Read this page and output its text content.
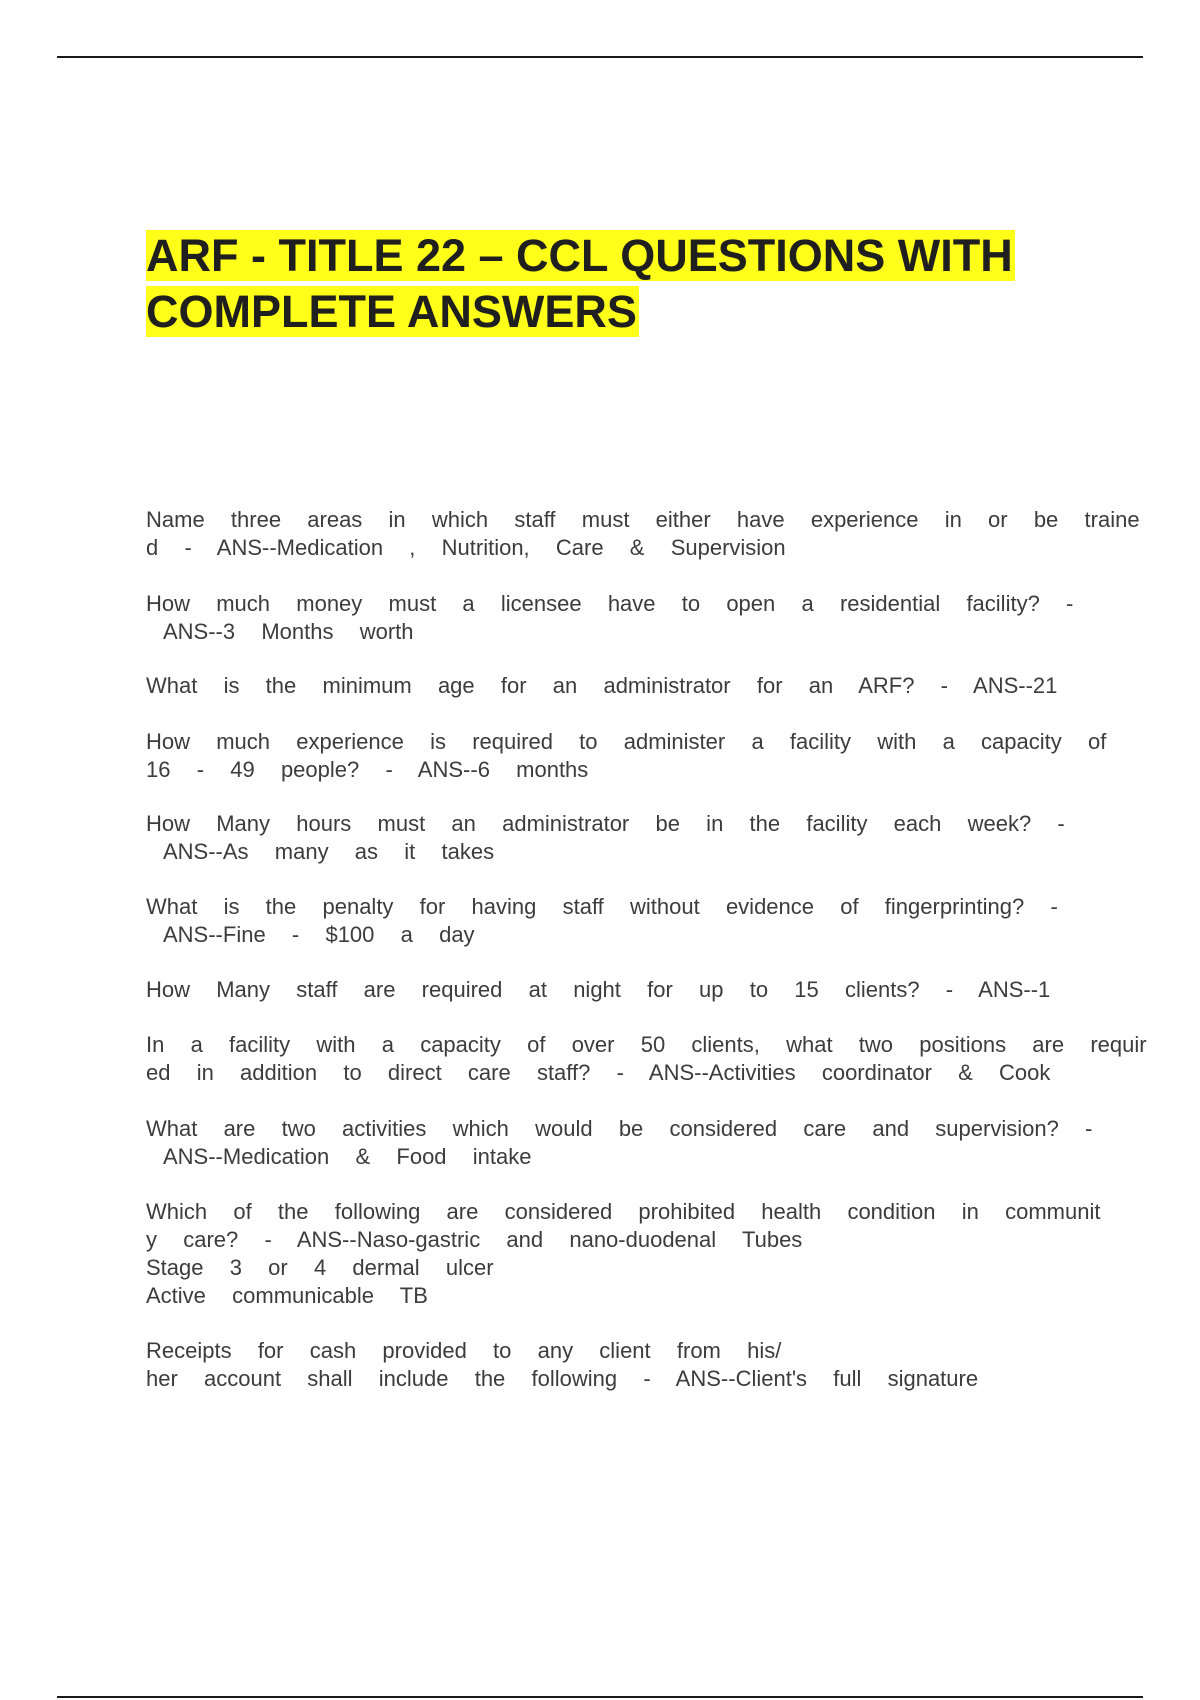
ARF - TITLE 22 – CCL QUESTIONS WITH
COMPLETE ANSWERS
Name  three  areas  in  which  staff  must  either  have  experience  in  or  be  traine
d  -  ANS--Medication  ,  Nutrition,  Care  &  Supervision
How  much  money  must  a  licensee  have  to  open  a  residential  facility?  -
ANS--3  Months  worth
What  is  the  minimum  age  for  an  administrator  for  an  ARF?  -  ANS--21
How  much  experience  is  required  to  administer  a  facility  with  a  capacity  of
16  -  49  people?  -  ANS--6  months
How  Many  hours  must  an  administrator  be  in  the  facility  each  week?  -
ANS--As  many  as  it  takes
What  is  the  penalty  for  having  staff  without  evidence  of  fingerprinting?  -
ANS--Fine  -  $100  a  day
How  Many  staff  are  required  at  night  for  up  to  15  clients?  -  ANS--1
In  a  facility  with  a  capacity  of  over  50  clients,  what  two  positions  are  requir
ed  in  addition  to  direct  care  staff?  -  ANS--Activities  coordinator  &  Cook
What  are  two  activities  which  would  be  considered  care  and  supervision?  -
ANS--Medication  &  Food  intake
Which  of  the  following  are  considered  prohibited  health  condition  in  communit
y  care?  -  ANS--Naso-gastric  and  nano-duodenal  Tubes
Stage  3  or  4  dermal  ulcer
Active  communicable  TB
Receipts  for  cash  provided  to  any  client  from  his/
her  account  shall  include  the  following  -  ANS--Client's  full  signature
